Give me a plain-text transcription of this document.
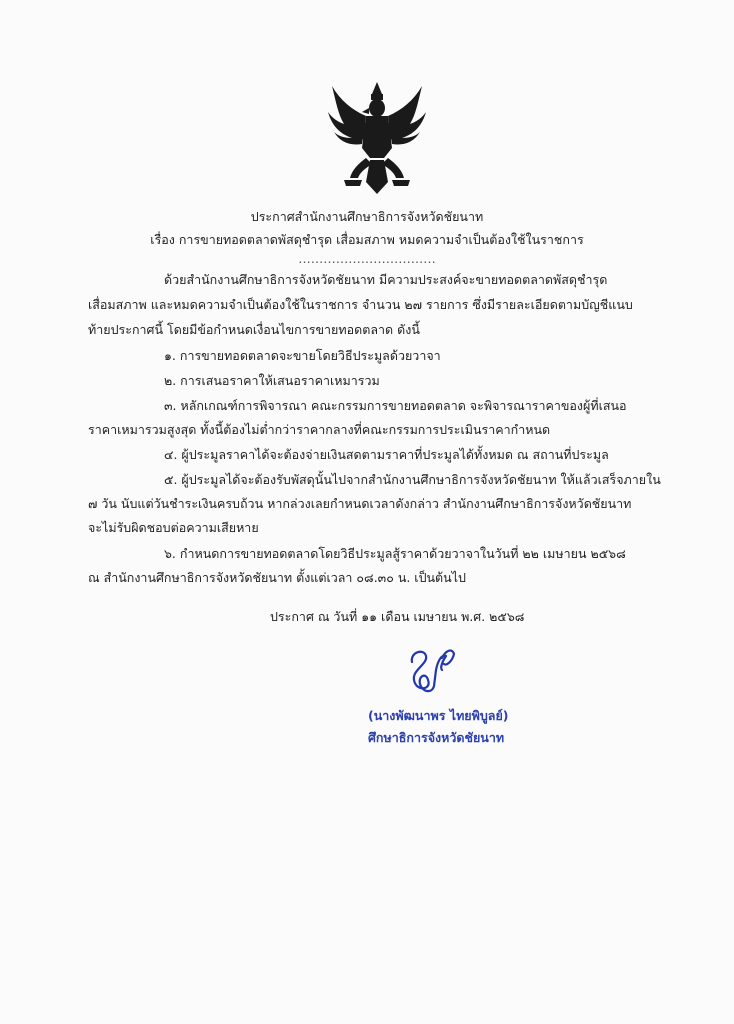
ประกาศสำนักงานศึกษาธิการจังหวัดชัยนาท
เรื่อง การขายทอดตลาดพัสดุชำรุด เสื่อมสภาพ หมดความจำเป็นต้องใช้ในราชการ
……………………………
ด้วยสำนักงานศึกษาธิการจังหวัดชัยนาท มีความประสงค์จะขายทอดตลาดพัสดุชำรุด
เสื่อมสภาพ และหมดความจำเป็นต้องใช้ในราชการ จำนวน ๒๗ รายการ ซึ่งมีรายละเอียดตามบัญชีแนบ
ท้ายประกาศนี้ โดยมีข้อกำหนดเงื่อนไขการขายทอดตลาด ดังนี้
๑. การขายทอดตลาดจะขายโดยวิธีประมูลด้วยวาจา
๒. การเสนอราคาให้เสนอราคาเหมารวม
๓. หลักเกณฑ์การพิจารณา คณะกรรมการขายทอดตลาด จะพิจารณาราคาของผู้ที่เสนอ
ราคาเหมารวมสูงสุด ทั้งนี้ต้องไม่ต่ำกว่าราคากลางที่คณะกรรมการประเมินราคากำหนด
๔. ผู้ประมูลราคาได้จะต้องจ่ายเงินสดตามราคาที่ประมูลได้ทั้งหมด ณ สถานที่ประมูล
๕. ผู้ประมูลได้จะต้องรับพัสดุนั้นไปจากสำนักงานศึกษาธิการจังหวัดชัยนาท ให้แล้วเสร็จภายใน
๗ วัน นับแต่วันชำระเงินครบถ้วน หากล่วงเลยกำหนดเวลาดังกล่าว สำนักงานศึกษาธิการจังหวัดชัยนาท
จะไม่รับผิดชอบต่อความเสียหาย
๖. กำหนดการขายทอดตลาดโดยวิธีประมูลสู้ราคาด้วยวาจาในวันที่ ๒๒ เมษายน ๒๕๖๘
ณ สำนักงานศึกษาธิการจังหวัดชัยนาท ตั้งแต่เวลา ๐๘.๓๐ น. เป็นต้นไป
ประกาศ ณ วันที่ ๑๑ เดือน เมษายน พ.ศ. ๒๕๖๘
(นางพัฒนาพร ไทยพิบูลย์)
ศึกษาธิการจังหวัดชัยนาท
